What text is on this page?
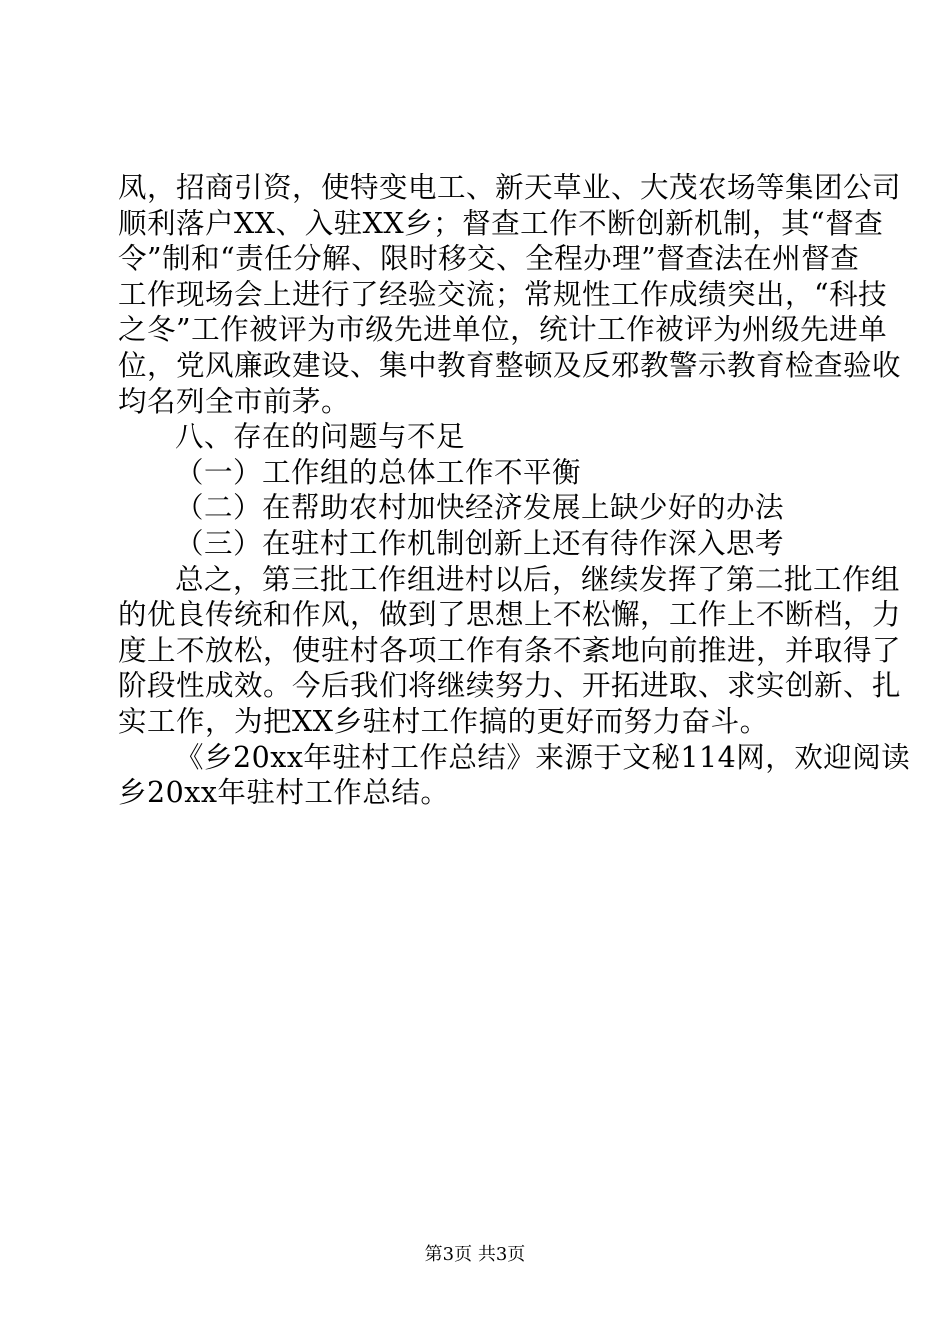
凤，招商引资，使特变电工、新天草业、大茂农场等集团公司
顺利落户XX、入驻XX乡；督查工作不断创新机制，其“督查
令”制和“责任分解、限时移交、全程办理”督查法在州督查
工作现场会上进行了经验交流；常规性工作成绩突出，“科技
之冬”工作被评为市级先进单位，统计工作被评为州级先进单
位，党风廉政建设、集中教育整顿及反邪教警示教育检查验收
均名列全市前茅。
八、存在的问题与不足
（一）工作组的总体工作不平衡
（二）在帮助农村加快经济发展上缺少好的办法
（三）在驻村工作机制创新上还有待作深入思考
总之，第三批工作组进村以后，继续发挥了第二批工作组
的优良传统和作风，做到了思想上不松懈，工作上不断档，力
度上不放松，使驻村各项工作有条不紊地向前推进，并取得了
阶段性成效。今后我们将继续努力、开拓进取、求实创新、扎
实工作，为把XX乡驻村工作搞的更好而努力奋斗。
《乡20xx年驻村工作总结》来源于文秘114网，欢迎阅读
乡20xx年驻村工作总结。
第3页 共3页
